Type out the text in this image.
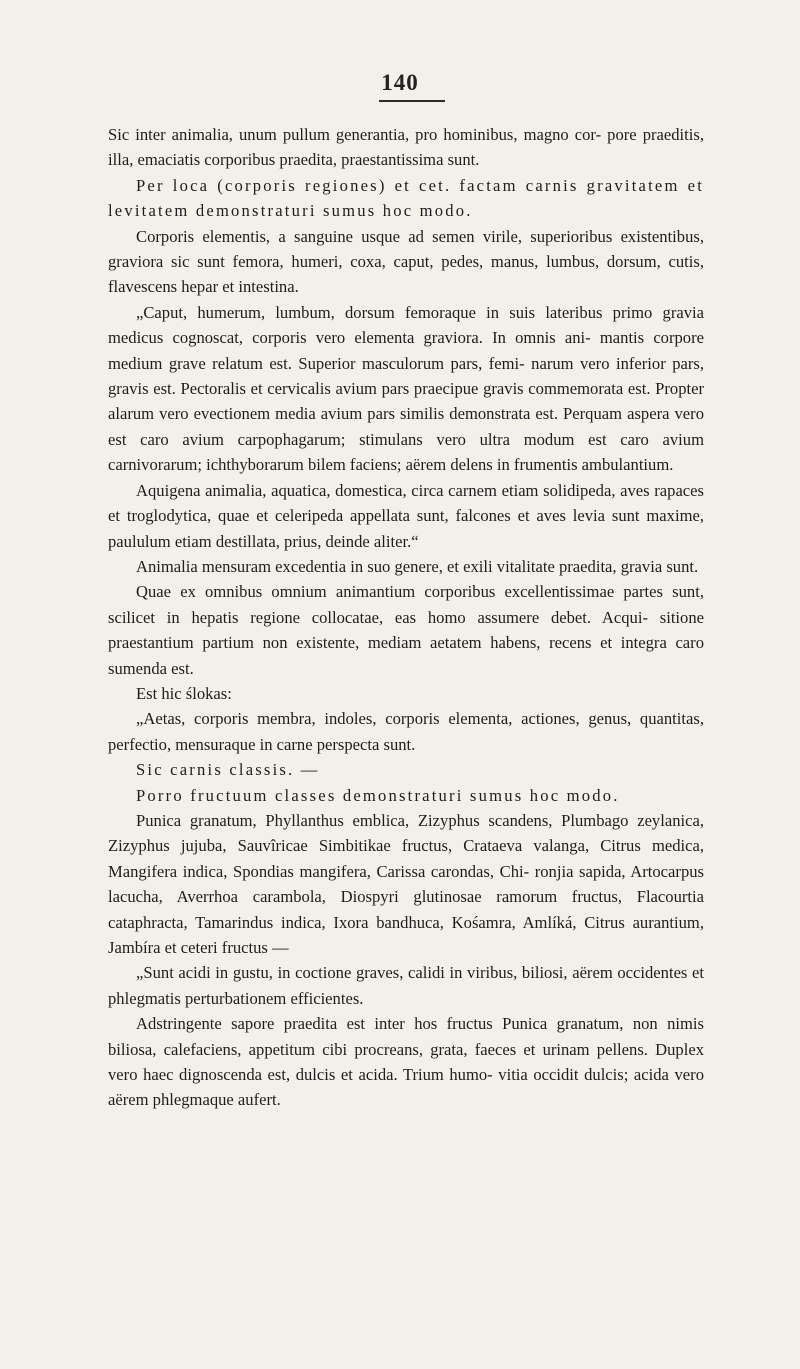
140

Sic inter animalia, unum pullum generantia, pro hominibus, magno cor- pore praeditis, illa, emaciatis corporibus praedita, praestantissima sunt.

Per loca (corporis regiones) et cet. factam carnis gravitatem et levitatem demonstraturi sumus hoc modo.

Corporis elementis, a sanguine usque ad semen virile, superioribus existentibus, graviora sic sunt femora, humeri, coxa, caput, pedes, manus, lumbus, dorsum, cutis, flavescens hepar et intestina.

„Caput, humerum, lumbum, dorsum femoraque in suis lateribus primo gravia medicus cognoscat, corporis vero elementa graviora. In omnis ani- mantis corpore medium grave relatum est. Superior masculorum pars, femi- narum vero inferior pars, gravis est. Pectoralis et cervicalis avium pars praecipue gravis commemorata est. Propter alarum vero evectionem media avium pars similis demonstrata est. Perquam aspera vero est caro avium carpophagarum; stimulans vero ultra modum est caro avium carnivorarum; ichthyborarum bilem faciens; aërem delens in frumentis ambulantium.

Aquigena animalia, aquatica, domestica, circa carnem etiam solidipeda, aves rapaces et troglodytica, quae et celeripeda appellata sunt, falcones et aves levia sunt maxime, paululum etiam destillata, prius, deinde aliter.“

Animalia mensuram excedentia in suo genere, et exili vitalitate praedita, gravia sunt.

Quae ex omnibus omnium animantium corporibus excellentissimae partes sunt, scilicet in hepatis regione collocatae, eas homo assumere debet. Acqui- sitione praestantium partium non existente, mediam aetatem habens, recens et integra caro sumenda est.

Est hic ślokas:

„Aetas, corporis membra, indoles, corporis elementa, actiones, genus, quantitas, perfectio, mensuraque in carne perspecta sunt.

Sic carnis classis. —

Porro fructuum classes demonstraturi sumus hoc modo.

Punica granatum, Phyllanthus emblica, Zizyphus scandens, Plumbago zeylanica, Zizyphus jujuba, Sauvîricae Simbitikae fructus, Crataeva valanga, Citrus medica, Mangifera indica, Spondias mangifera, Carissa carondas, Chi- ronjia sapida, Artocarpus lacucha, Averrhoa carambola, Diospyri glutinosae ramorum fructus, Flacourtia cataphracta, Tamarindus indica, Ixora bandhuca, Kośamra, Amlíká, Citrus aurantium, Jambíra et ceteri fructus —

„Sunt acidi in gustu, in coctione graves, calidi in viribus, biliosi, aërem occidentes et phlegmatis perturbationem efficientes.

Adstringente sapore praedita est inter hos fructus Punica granatum, non nimis biliosa, calefaciens, appetitum cibi procreans, grata, faeces et urinam pellens. Duplex vero haec dignoscenda est, dulcis et acida. Trium humo- vitia occidit dulcis; acida vero aërem phlegmaque aufert.
